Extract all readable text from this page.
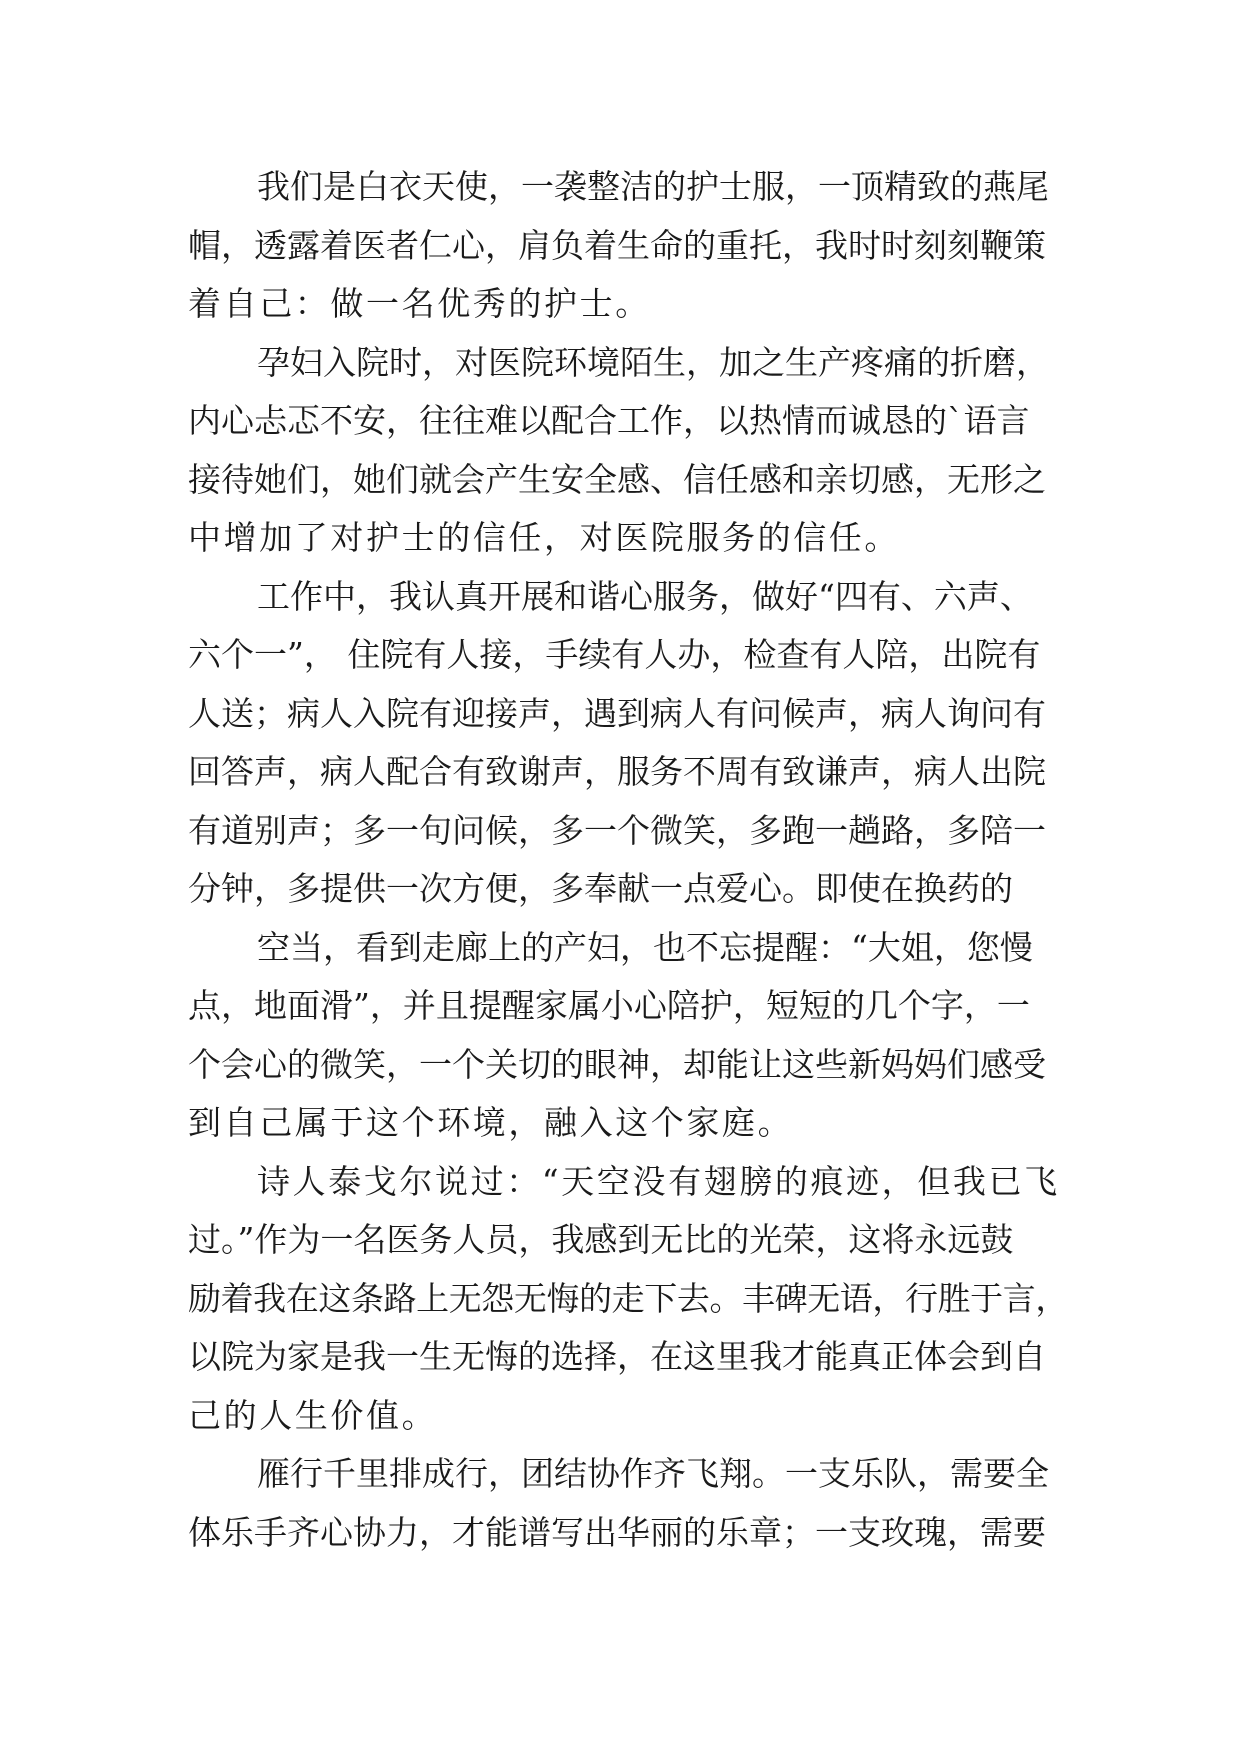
我们是白衣天使，一袭整洁的护士服，一顶精致的燕尾
帽，透露着医者仁心，肩负着生命的重托，我时时刻刻鞭策
着自己：做一名优秀的护士。
孕妇入院时，对医院环境陌生，加之生产疼痛的折磨，
内心忐忑不安，往往难以配合工作，以热情而诚恳的`语言
接待她们，她们就会产生安全感、信任感和亲切感，无形之
中增加了对护士的信任，对医院服务的信任。
工作中，我认真开展和谐心服务，做好“四有、六声、
六个一”， 住院有人接，手续有人办，检查有人陪，出院有
人送；病人入院有迎接声，遇到病人有问候声，病人询问有
回答声，病人配合有致谢声，服务不周有致谦声，病人出院
有道别声；多一句问候，多一个微笑，多跑一趟路，多陪一
分钟，多提供一次方便，多奉献一点爱心。即使在换药的
空当，看到走廊上的产妇，也不忘提醒：“大姐，您慢
点，地面滑”，并且提醒家属小心陪护，短短的几个字，一
个会心的微笑，一个关切的眼神，却能让这些新妈妈们感受
到自己属于这个环境，融入这个家庭。
诗人泰戈尔说过：“天空没有翅膀的痕迹，但我已飞
过。”作为一名医务人员，我感到无比的光荣，这将永远鼓
励着我在这条路上无怨无悔的走下去。丰碑无语，行胜于言，
以院为家是我一生无悔的选择，在这里我才能真正体会到自
己的人生价值。
雁行千里排成行，团结协作齐飞翔。一支乐队，需要全
体乐手齐心协力，才能谱写出华丽的乐章；一支玫瑰，需要
